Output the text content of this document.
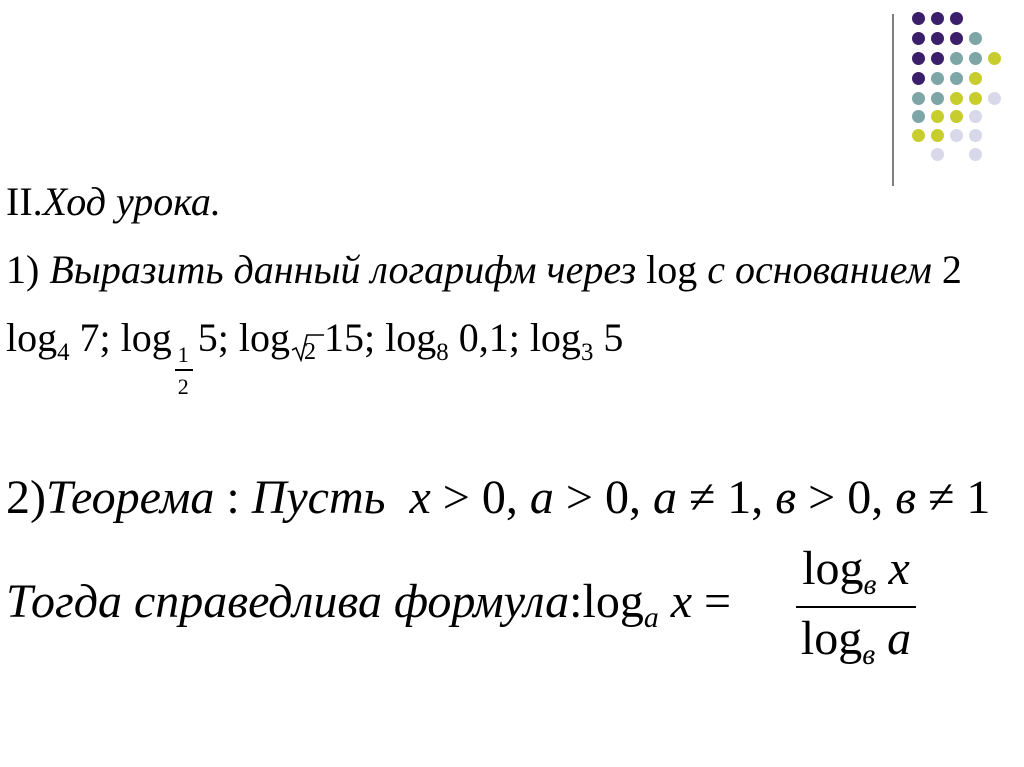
II.Ход урока.
1) Выразить данный логарифм через log с основанием 2
$\log_4 7$; $\log \frac{1}{2} 5$; log 2 15; $\log_8 0,1$; $\log_3 5$
2)Теорема : Пусть x > 0, a > 0, a ≠ 1, в > 0, в ≠ 1
Тогда справедлива $формула:\log_a$ x =
$\log_в x$
$\log_в a$
